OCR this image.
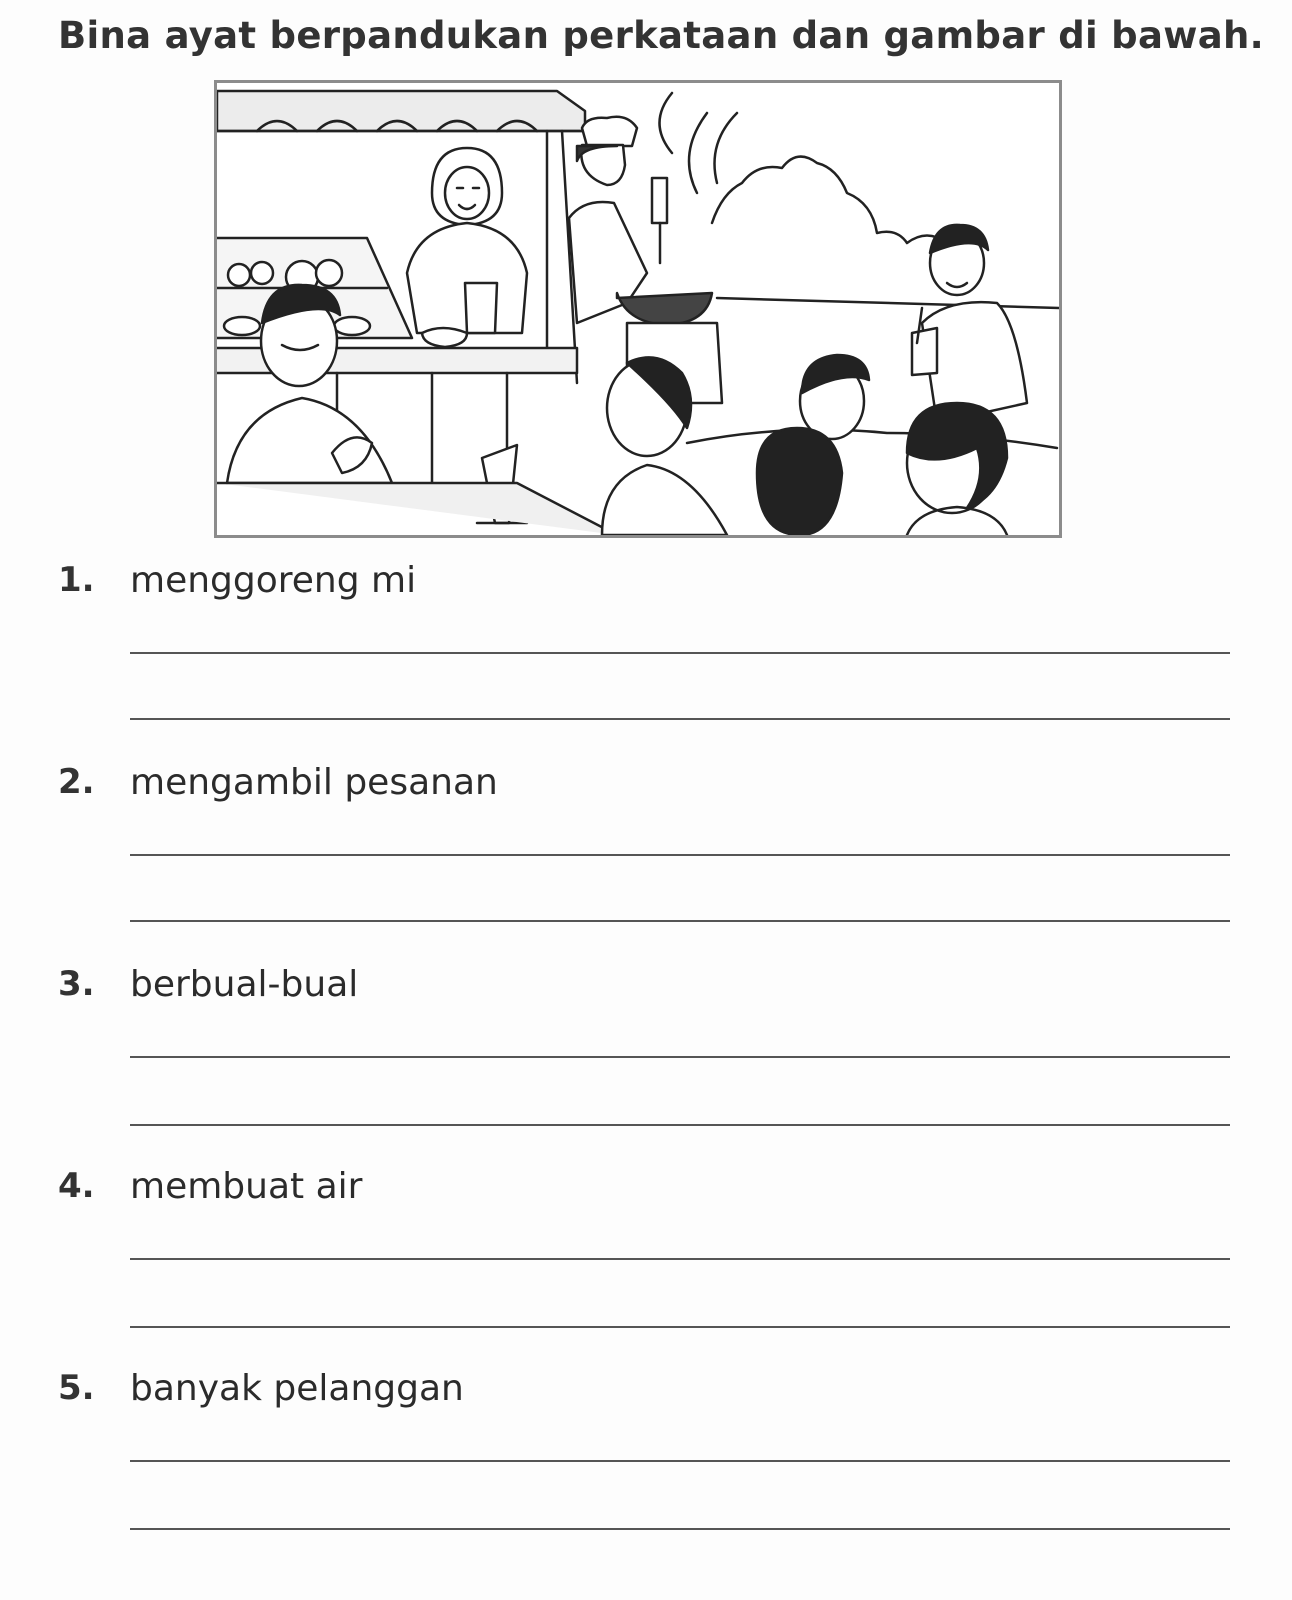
Bina ayat berpandukan perkataan dan gambar di bawah.
1. menggoreng mi
2. mengambil pesanan
3. berbual-bual
4. membuat air
5. banyak pelanggan
